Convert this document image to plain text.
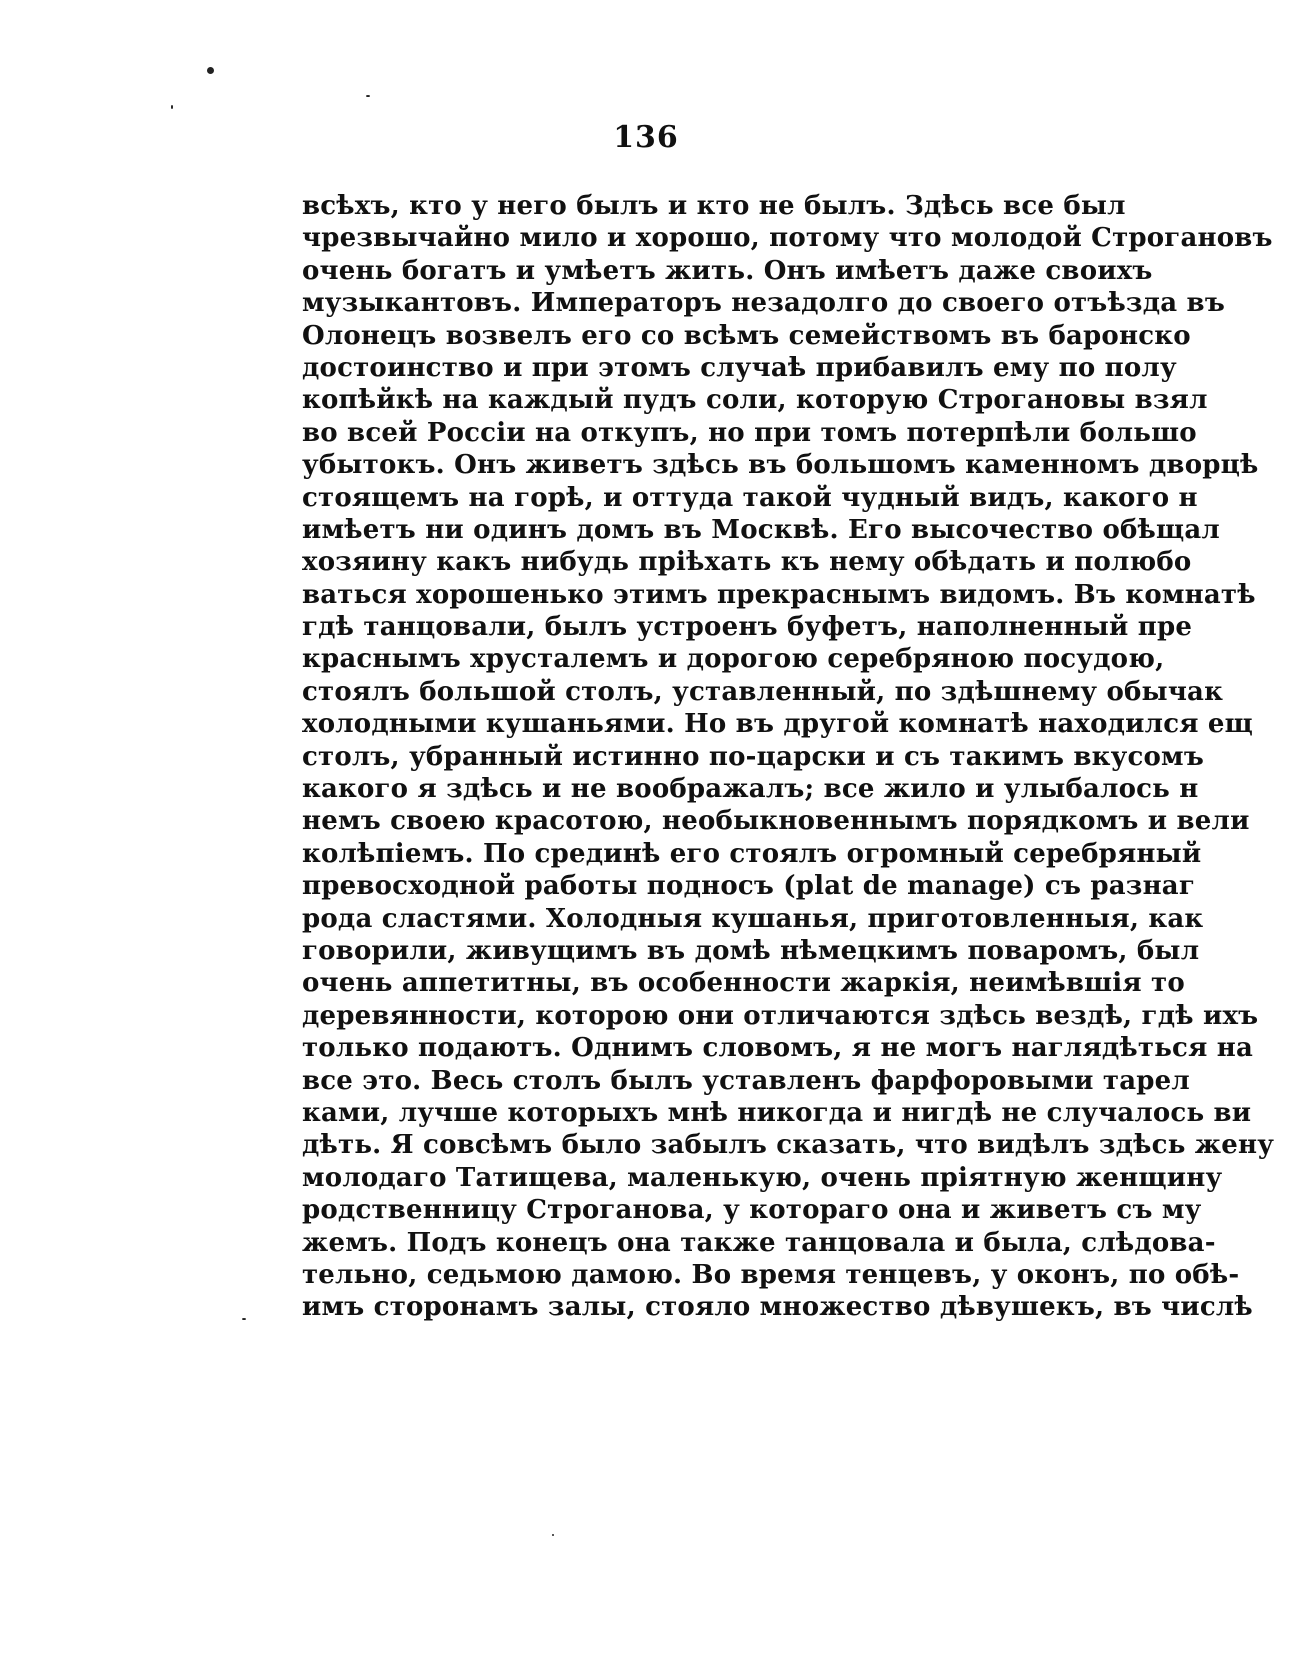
136
всѣхъ, кто у него былъ и кто не былъ. Здѣсь все был
чрезвычайно мило и хорошо, потому что молодой Строгановъ
очень богатъ и умѣетъ жить. Онъ имѣетъ даже своихъ
музыкантовъ. Императоръ незадолго до своего отъѣзда въ
Олонецъ возвелъ его со всѣмъ семействомъ въ баронско
достоинство и при этомъ случаѣ прибавилъ ему по полу
копѣйкѣ на каждый пудъ соли, которую Строгановы взял
во всей Россіи на откупъ, но при томъ потерпѣли большо
убытокъ. Онъ живетъ здѣсь въ большомъ каменномъ дворцѣ
стоящемъ на горѣ, и оттуда такой чудный видъ, какого н
имѣетъ ни одинъ домъ въ Москвѣ. Его высочество обѣщал
хозяину какъ нибудь пріѣхать къ нему обѣдать и полюбо
ваться хорошенько этимъ прекраснымъ видомъ. Въ комнатѣ
гдѣ танцовали, былъ устроенъ буфетъ, наполненный пре
краснымъ хрусталемъ и дорогою серебряною посудою,
стоялъ большой столъ, уставленный, по здѣшнему обычак
холодными кушаньями. Но въ другой комнатѣ находился ещ
столъ, убранный истинно по-царски и съ такимъ вкусомъ
какого я здѣсь и не воображалъ; все жило и улыбалось н
немъ своею красотою, необыкновеннымъ порядкомъ и вели
колѣпіемъ. По срединѣ его стоялъ огромный серебряный
превосходной работы подносъ (plat de manage) съ разнаг
рода сластями. Холодныя кушанья, приготовленныя, как
говорили, живущимъ въ домѣ нѣмецкимъ поваромъ, был
очень аппетитны, въ особенности жаркія, неимѣвшія то
деревянности, которою они отличаются здѣсь вездѣ, гдѣ ихъ
только подаютъ. Однимъ словомъ, я не могъ наглядѣться на
все это. Весь столъ былъ уставленъ фарфоровыми тарел
ками, лучше которыхъ мнѣ никогда и нигдѣ не случалось ви
дѣть. Я совсѣмъ было забылъ сказать, что видѣлъ здѣсь жену
молодаго Татищева, маленькую, очень пріятную женщину
родственницу Строганова, у котораго она и живетъ съ му
жемъ. Подъ конецъ она также танцовала и была, слѣдова-
тельно, седьмою дамою. Во время тенцевъ, у оконъ, по обѣ-
имъ сторонамъ залы, стояло множество дѣвушекъ, въ числѣ
